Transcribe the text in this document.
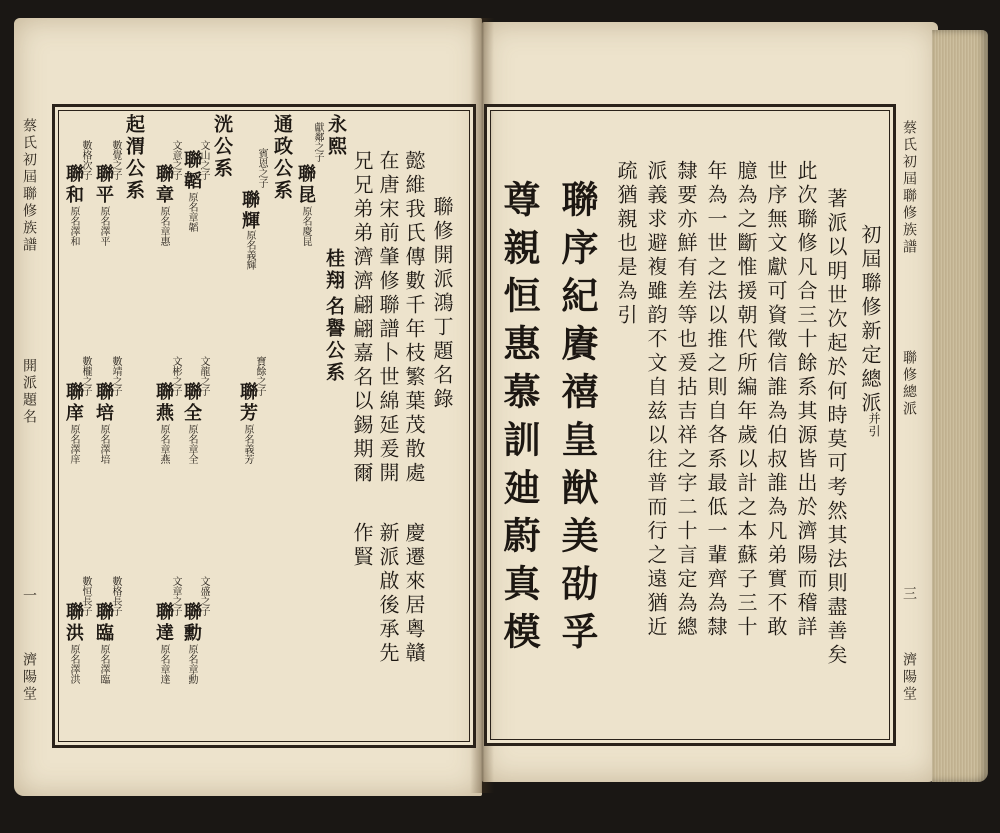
蔡氏初屆聯修族譜
開派題名
一
濟陽堂
聯修開派鴻丁題名錄
懿維我氏傳數千年枝繁葉茂散處
慶遷來居粵贛
在唐宋前肇修聯譜卜世綿延爰開
新派啟後承先
兄兄弟弟濟濟翩翩嘉名以錫期爾
作賢
永熙
獻鄰之子
聯昆
原名慶昆
桂翔
名譽公系
通政公系
賓恩之子
聯輝
原名義輝
洸公系
文山之子
聯韜
原名章韜
文意之子
聯章
原名章惠
起渭公系
數覺之子
聯平
原名澤平
數格次子
聯和
原名澤和
寶餘之子
聯芳
原名義芳
文龍之子
聯全
原名章全
文彬之子
聯燕
原名章燕
數靖之子
聯培
原名澤培
數櫳之子
聯庠
原名澤庠
文盛之子
聯勳
原名章勳
文章之子
聯達
原名章達
數格長子
聯臨
原名澤臨
數恒長子
聯洪
原名澤洪
蔡氏初屆聯修族譜
聯修總派
三
濟陽堂
初屆聯修新定總派
并引
著派以明世次起於何時莫可考然其法則盡善矣
此次聯修凡合三十餘系其源皆出於濟陽而稽詳
世序無文獻可資徵信誰為伯叔誰為凡弟實不敢
臆為之斷惟援朝代所編年歲以計之本蘇子三十
年為一世之法以推之則自各系最低一輩齊為隸
隸要亦鮮有差等也爰拈吉祥之字二十言定為總
派義求避複雖韵不文自兹以往普而行之遠猶近
疏猶親也是為引
聯序紀賡禧皇猷美劭孚
尊親恒惠慕訓廸蔚真模
